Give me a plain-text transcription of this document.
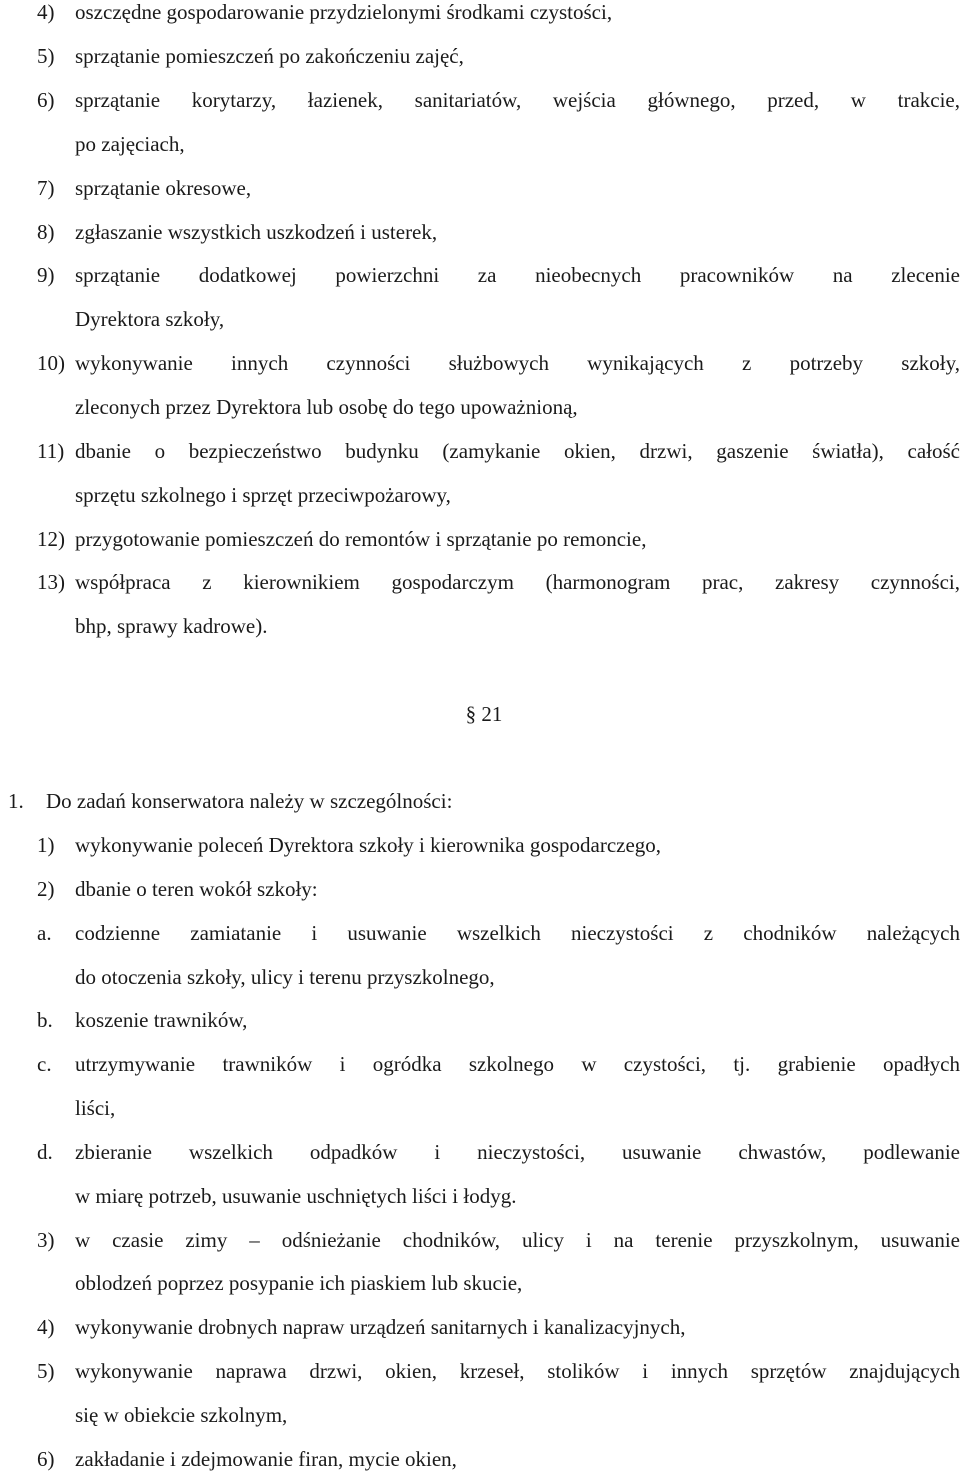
4) oszczędne gospodarowanie przydzielonymi środkami czystości,
5) sprzątanie pomieszczeń po zakończeniu zajęć,
6) sprzątanie korytarzy, łazienek, sanitariatów, wejścia głównego, przed, w trakcie,
po zajęciach,
7) sprzątanie okresowe,
8) zgłaszanie wszystkich uszkodzeń i usterek,
9) sprzątanie dodatkowej powierzchni za nieobecnych pracowników na zlecenie
Dyrektora szkoły,
10) wykonywanie innych czynności służbowych wynikających z potrzeby szkoły,
zleconych przez Dyrektora lub osobę do tego upoważnioną,
11) dbanie o bezpieczeństwo budynku (zamykanie okien, drzwi, gaszenie światła), całość
sprzętu szkolnego i sprzęt przeciwpożarowy,
12) przygotowanie pomieszczeń do remontów i sprzątanie po remoncie,
13) współpraca z kierownikiem gospodarczym (harmonogram prac, zakresy czynności,
bhp, sprawy kadrowe).
§ 21
1. Do zadań konserwatora należy w szczególności:
1) wykonywanie poleceń Dyrektora szkoły i kierownika gospodarczego,
2) dbanie o teren wokół szkoły:
a. codzienne zamiatanie i usuwanie wszelkich nieczystości z chodników należących
do otoczenia szkoły, ulicy i terenu przyszkolnego,
b. koszenie trawników,
c. utrzymywanie trawników i ogródka szkolnego w czystości, tj. grabienie opadłych
liści,
d. zbieranie wszelkich odpadków i nieczystości, usuwanie chwastów, podlewanie
w miarę potrzeb, usuwanie uschniętych liści i łodyg.
3) w czasie zimy – odśnieżanie chodników, ulicy i na terenie przyszkolnym, usuwanie
oblodzeń poprzez posypanie ich piaskiem lub skucie,
4) wykonywanie drobnych napraw urządzeń sanitarnych i kanalizacyjnych,
5) wykonywanie naprawa drzwi, okien, krzeseł, stolików i innych sprzętów znajdujących
się w obiekcie szkolnym,
6) zakładanie i zdejmowanie firan, mycie okien,
